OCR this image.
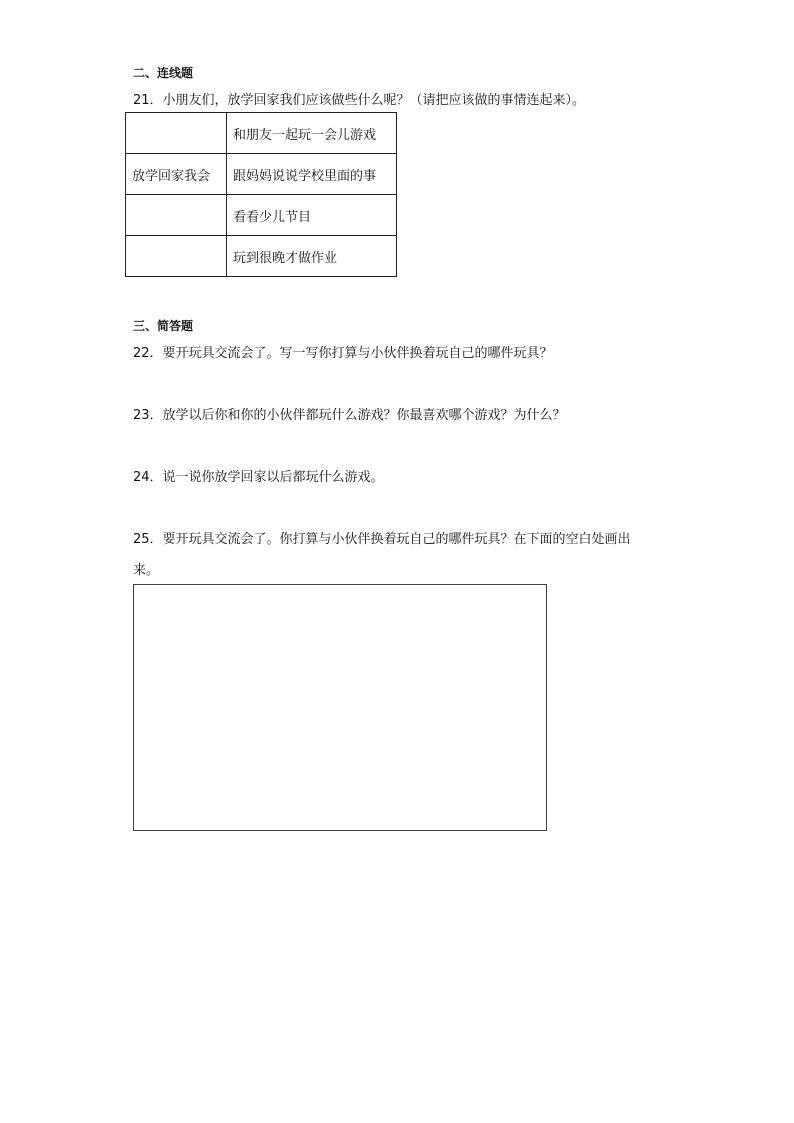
二、连线题
21．小朋友们，放学回家我们应该做些什么呢？（请把应该做的事情连起来）。
	和朋友一起玩一会儿游戏
放学回家我会	跟妈妈说说学校里面的事
	看看少儿节目
	玩到很晚才做作业
三、简答题
22．要开玩具交流会了。写一写你打算与小伙伴换着玩自己的哪件玩具？
23．放学以后你和你的小伙伴都玩什么游戏？你最喜欢哪个游戏？为什么？
24．说一说你放学回家以后都玩什么游戏。
25．要开玩具交流会了。你打算与小伙伴换着玩自己的哪件玩具？在下面的空白处画出
来。
